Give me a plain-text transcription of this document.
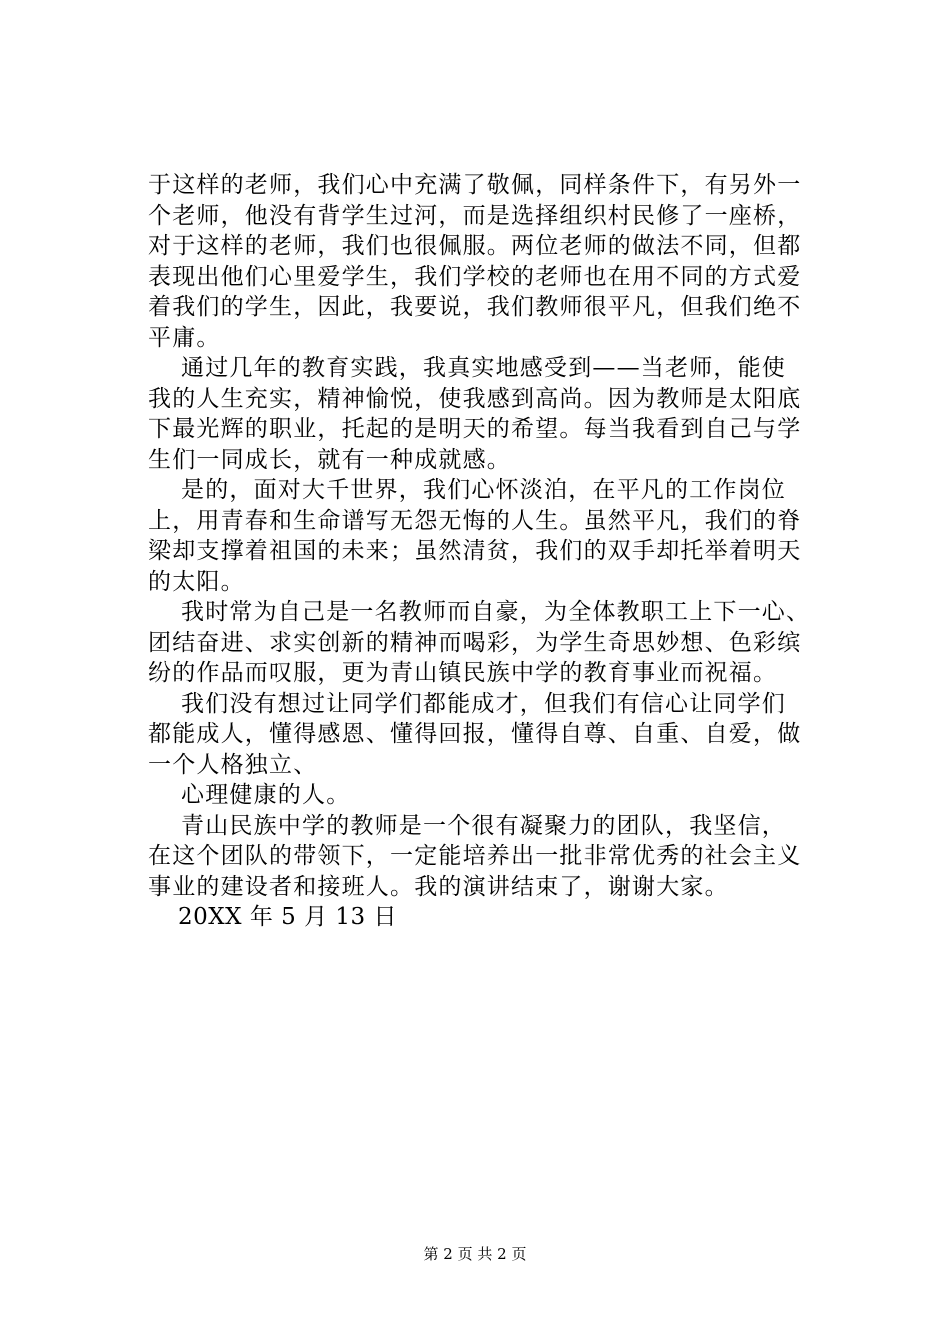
于这样的老师，我们心中充满了敬佩，同样条件下，有另外一
个老师，他没有背学生过河，而是选择组织村民修了一座桥，
对于这样的老师，我们也很佩服。两位老师的做法不同，但都
表现出他们心里爱学生，我们学校的老师也在用不同的方式爱
着我们的学生，因此，我要说，我们教师很平凡，但我们绝不
平庸。
通过几年的教育实践，我真实地感受到——当老师，能使
我的人生充实，精神愉悦，使我感到高尚。因为教师是太阳底
下最光辉的职业，托起的是明天的希望。每当我看到自己与学
生们一同成长，就有一种成就感。
是的，面对大千世界，我们心怀淡泊，在平凡的工作岗位
上，用青春和生命谱写无怨无悔的人生。虽然平凡，我们的脊
梁却支撑着祖国的未来；虽然清贫，我们的双手却托举着明天
的太阳。
我时常为自己是一名教师而自豪，为全体教职工上下一心、
团结奋进、求实创新的精神而喝彩，为学生奇思妙想、色彩缤
纷的作品而叹服，更为青山镇民族中学的教育事业而祝福。
我们没有想过让同学们都能成才，但我们有信心让同学们
都能成人，懂得感恩、懂得回报，懂得自尊、自重、自爱，做
一个人格独立、
心理健康的人。
青山民族中学的教师是一个很有凝聚力的团队，我坚信，
在这个团队的带领下，一定能培养出一批非常优秀的社会主义
事业的建设者和接班人。我的演讲结束了，谢谢大家。
20XX 年 5 月 13 日
第 2 页 共 2 页
